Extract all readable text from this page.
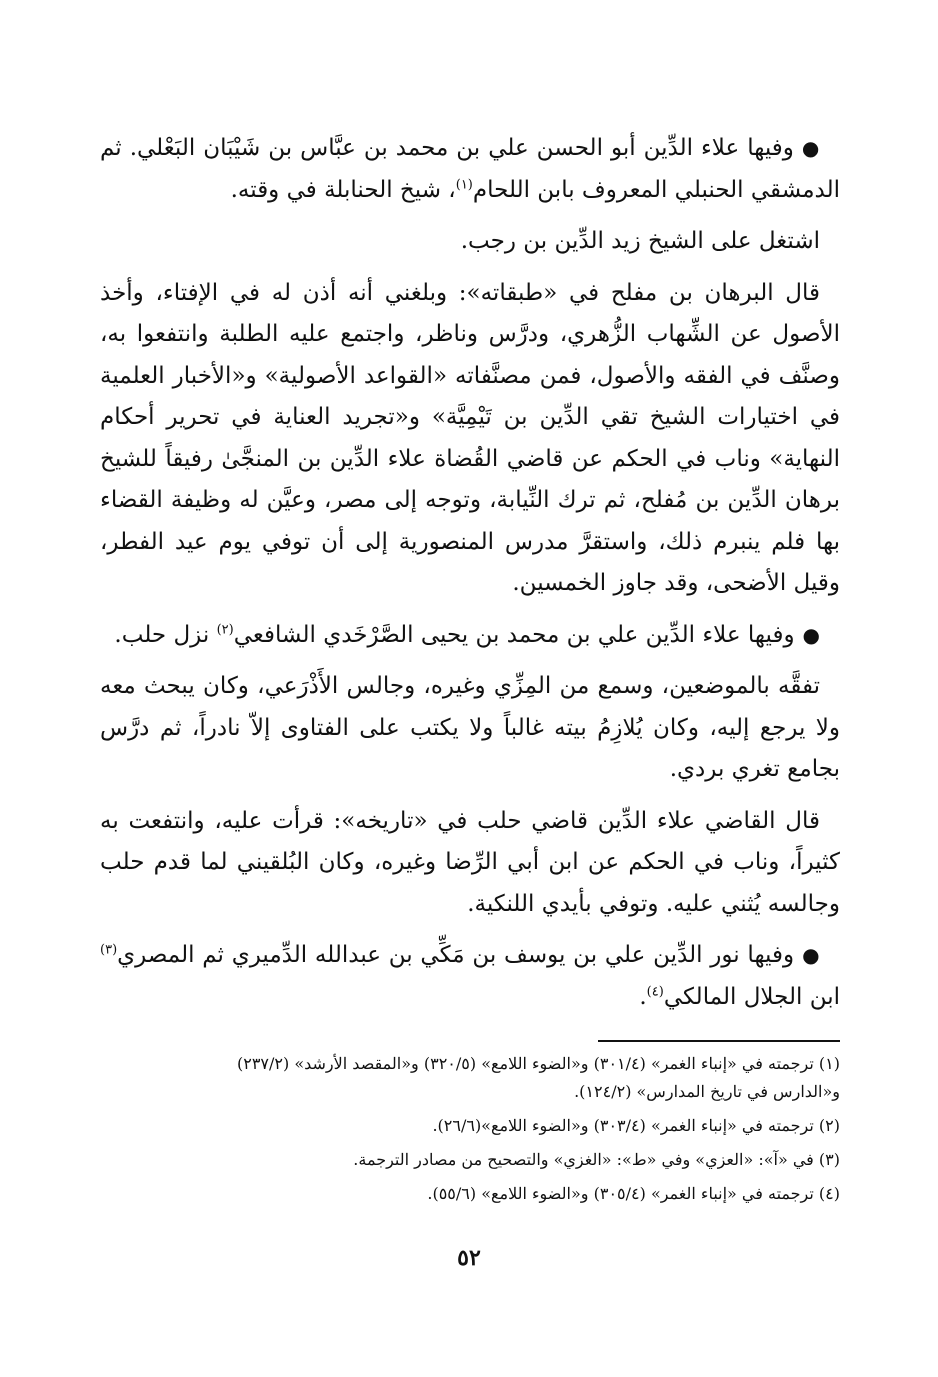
●وفيها علاء الدِّين أبو الحسن علي بن محمد بن عبَّاس بن شَيْبَان البَعْلي. ثم الدمشقي الحنبلي المعروف بابن اللحام$^{(١)}$، شيخ الحنابلة في وقته.

اشتغل على الشيخ زيد الدِّين بن رجب.

قال البرهان بن مفلح في «طبقاته»: وبلغني أنه أذن له في الإفتاء، وأخذ الأصول عن الشِّهاب الزُّهري، ودرَّس وناظر، واجتمع عليه الطلبة وانتفعوا به، وصنَّف في الفقه والأصول، فمن مصنَّفاته «القواعد الأصولية» و«الأخبار العلمية في اختيارات الشيخ تقي الدِّين بن تَيْمِيَّة» و«تجريد العناية في تحرير أحكام النهاية» وناب في الحكم عن قاضي القُضاة علاء الدِّين بن المنجَّىٰ رفيقاً للشيخ برهان الدِّين بن مُفلح، ثم ترك النِّيابة، وتوجه إلى مصر، وعيَّن له وظيفة القضاء بها فلم ينبرم ذلك، واستقرَّ مدرس المنصورية إلى أن توفي يوم عيد الفطر، وقيل الأضحى، وقد جاوز الخمسين.

●وفيها علاء الدِّين علي بن محمد بن يحيى الصَّرْخَدي الشافعي$^{(٢)}$ نزل حلب.

تفقَّه بالموضعين، وسمع من المِزِّي وغيره، وجالس الأَذْرَعي، وكان يبحث معه ولا يرجع إليه، وكان يُلازِمُ بيته غالباً ولا يكتب على الفتاوى إلاّ نادراً، ثم درَّس بجامع تغري بردي.

قال القاضي علاء الدِّين قاضي حلب في «تاريخه»: قرأت عليه، وانتفعت به كثيراً، وناب في الحكم عن ابن أبي الرِّضا وغيره، وكان البُلقيني لما قدم حلب وجالسه يُثني عليه. وتوفي بأيدي اللنكية.

●وفيها نور الدِّين علي بن يوسف بن مَكِّي بن عبدالله الدِّميري ثم المصري$^{(٣)}$ ابن الجلال المالكي$^{(٤)}$.

(١) ترجمته في «إنباء الغمر» (٣٠١/٤) و«الضوء اللامع» (٣٢٠/٥) و«المقصد الأرشد» (٢٣٧/٢)
و«الدارس في تاريخ المدارس» (١٢٤/٢).

(٢) ترجمته في «إنباء الغمر» (٣٠٣/٤) و«الضوء اللامع»(٢٦/٦).

(٣) في «آ»: «العزي» وفي «ط»: «الغزي» والتصحيح من مصادر الترجمة.

(٤) ترجمته في «إنباء الغمر» (٣٠٥/٤) و«الضوء اللامع» (٥٥/٦).

٥٢
